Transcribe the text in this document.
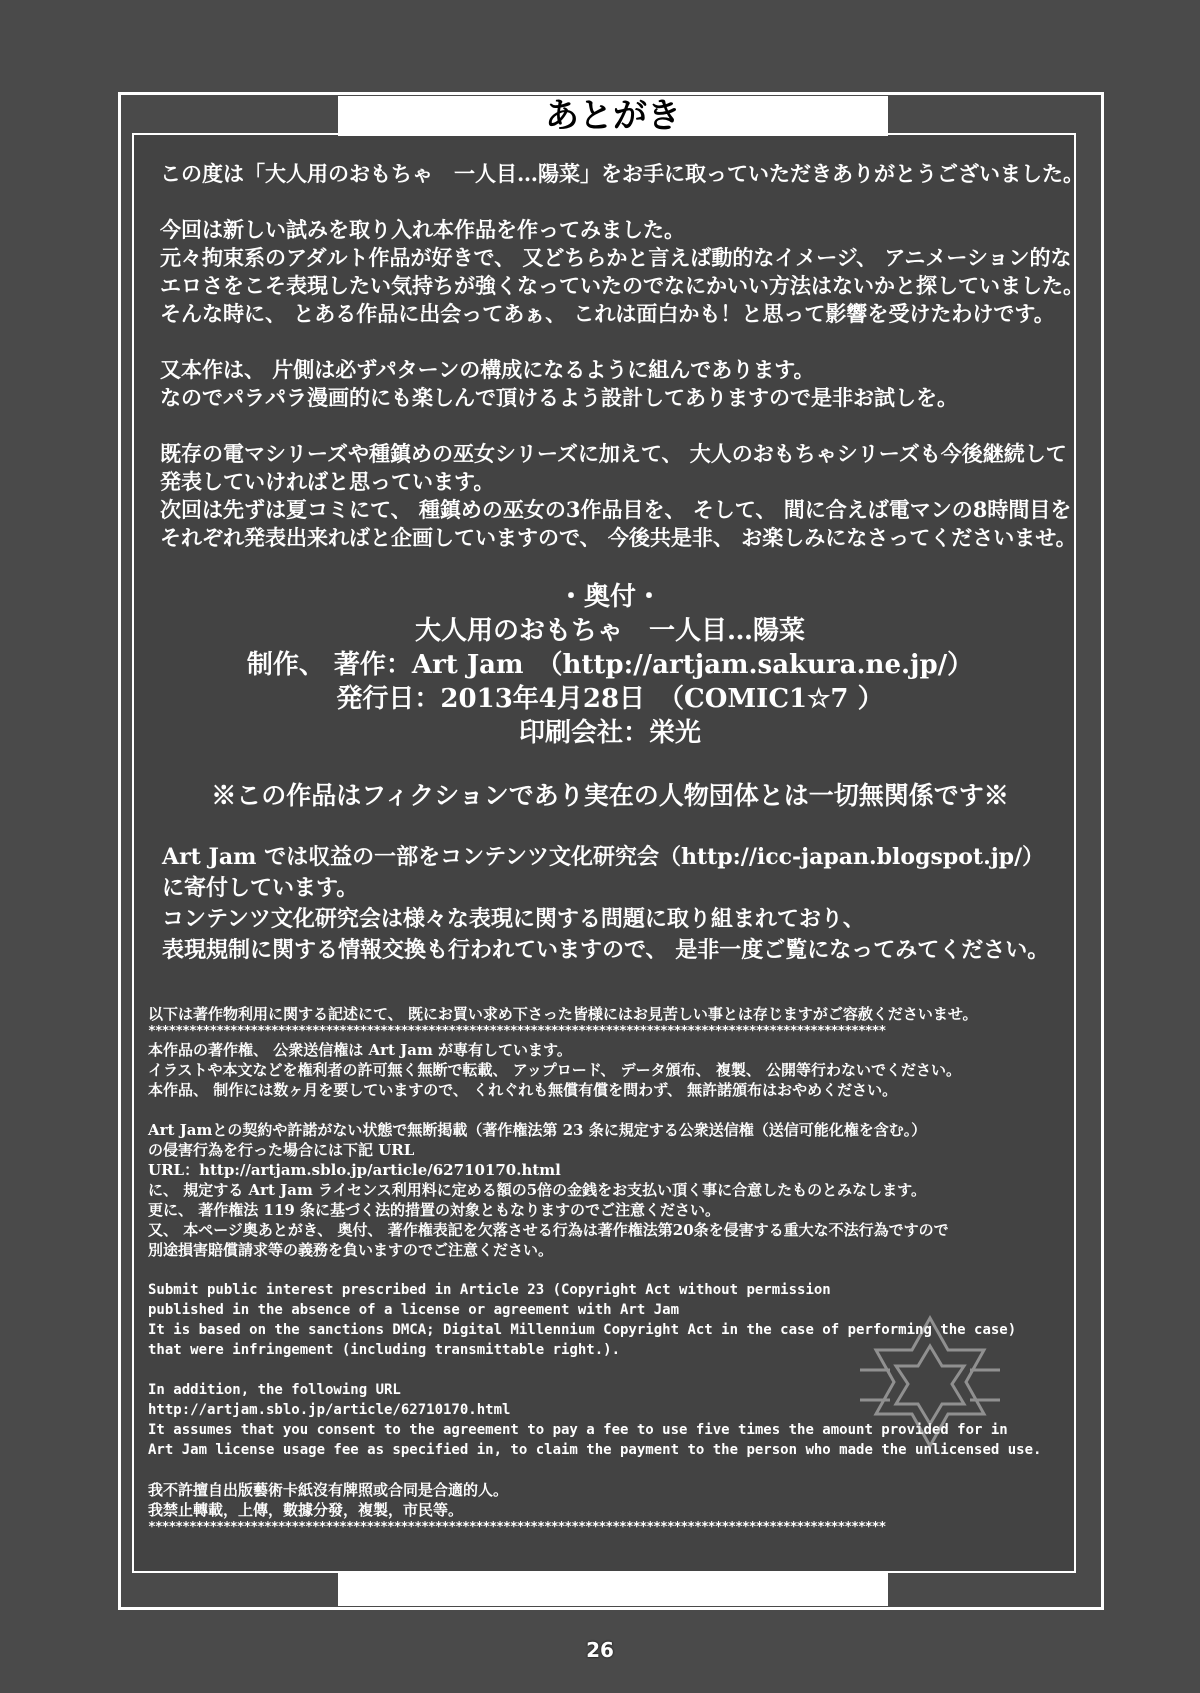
あとがき

この度は「大人用のおもちゃ　一人目…陽菜」をお手に取っていただきありがとうございました。

今回は新しい試みを取り入れ本作品を作ってみました。

元々拘束系のアダルト作品が好きで、 又どちらかと言えば動的なイメージ、 アニメーション的な

エロさをこそ表現したい気持ちが強くなっていたのでなにかいい方法はないかと探していました。

そんな時に、 とある作品に出会ってあぁ、 これは面白かも！と思って影響を受けたわけです。

又本作は、 片側は必ずパターンの構成になるように組んであります。

なのでパラパラ漫画的にも楽しんで頂けるよう設計してありますので是非お試しを。

既存の電マシリーズや種鎮めの巫女シリーズに加えて、 大人のおもちゃシリーズも今後継続して

発表していければと思っています。

次回は先ずは夏コミにて、 種鎮めの巫女の3作品目を、 そして、 間に合えば電マンの8時間目を

それぞれ発表出来ればと企画していますので、 今後共是非、 お楽しみになさってくださいませ。

・奥付・

大人用のおもちゃ　一人目…陽菜

制作、 著作：Art Jam　（http://artjam.sakura.ne.jp/）

発行日：2013年4月28日　（COMIC1☆7 ）

印刷会社：栄光

※この作品はフィクションであり実在の人物団体とは一切無関係です※

Art Jam では収益の一部をコンテンツ文化研究会（http://icc-japan.blogspot.jp/）

に寄付しています。

コンテンツ文化研究会は様々な表現に関する問題に取り組まれており、

表現規制に関する情報交換も行われていますので、 是非一度ご覧になってみてください。

以下は著作物利用に関する記述にて、 既にお買い求め下さった皆様にはお見苦しい事とは存じますがご容赦くださいませ。

************************************************************************************************************

本作品の著作権、 公衆送信権は Art Jam が専有しています。

イラストや本文などを権利者の許可無く無断で転載、 アップロード、 データ頒布、 複製、 公開等行わないでください。

本作品、 制作には数ヶ月を要していますので、 くれぐれも無償有償を問わず、 無許諾頒布はおやめください。

Art Jamとの契約や許諾がない状態で無断掲載（著作権法第 23 条に規定する公衆送信権（送信可能化権を含む。）

の侵害行為を行った場合には下記 URL

URL：http://artjam.sblo.jp/article/62710170.html

に、 規定する Art Jam ライセンス利用料に定める額の5倍の金銭をお支払い頂く事に合意したものとみなします。

更に、 著作権法 119 条に基づく法的措置の対象ともなりますのでご注意ください。

又、 本ページ奥あとがき、 奥付、 著作権表記を欠落させる行為は著作権法第20条を侵害する重大な不法行為ですので

別途損害賠償請求等の義務を負いますのでご注意ください。

Submit public interest prescribed in Article 23 (Copyright Act without permission

published in the absence of a license or agreement with Art Jam

It is based on the sanctions DMCA; Digital Millennium Copyright Act in the case of performing the case)

that were infringement (including transmittable right.).

In addition, the following URL

http://artjam.sblo.jp/article/62710170.html

It assumes that you consent to the agreement to pay a fee to use five times the amount provided for in

Art Jam license usage fee as specified in, to claim the payment to the person who made the unlicensed use.

我不許擅自出版藝術卡紙沒有牌照或合同是合適的人。

我禁止轉載，上傳，數據分發，複製，市民等。

************************************************************************************************************
26
